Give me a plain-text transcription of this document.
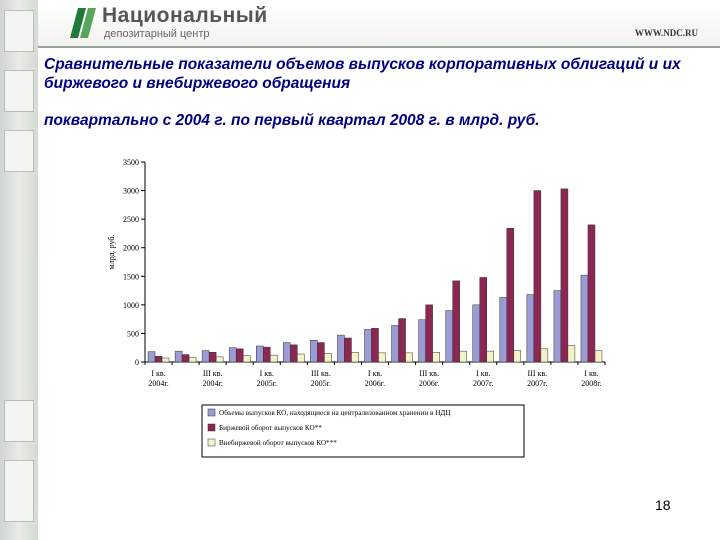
Национальный
депозитарный центр	WWW.NDC.RU
Сравнительные показатели объемов выпусков корпоративных облигаций и их биржевого и внебиржевого обращения
поквартально с 2004 г. по первый квартал 2008 г. в млрд. руб.
0
500
1000
1500
2000
2500
3000
3500
млрд. руб.
I кв.
2004г.
III кв.
2004г.
I кв.
2005г.
III кв.
2005г.
I кв.
2006г.
III кв.
2006г.
I кв.
2007г.
III кв.
2007г.
I кв.
2008г.
Объемы выпусков КО, находящиеся на централизованном хранении в НДЦ
Биржевой оборот выпусков КО**
Внебиржевой оборот выпусков КО***
18
